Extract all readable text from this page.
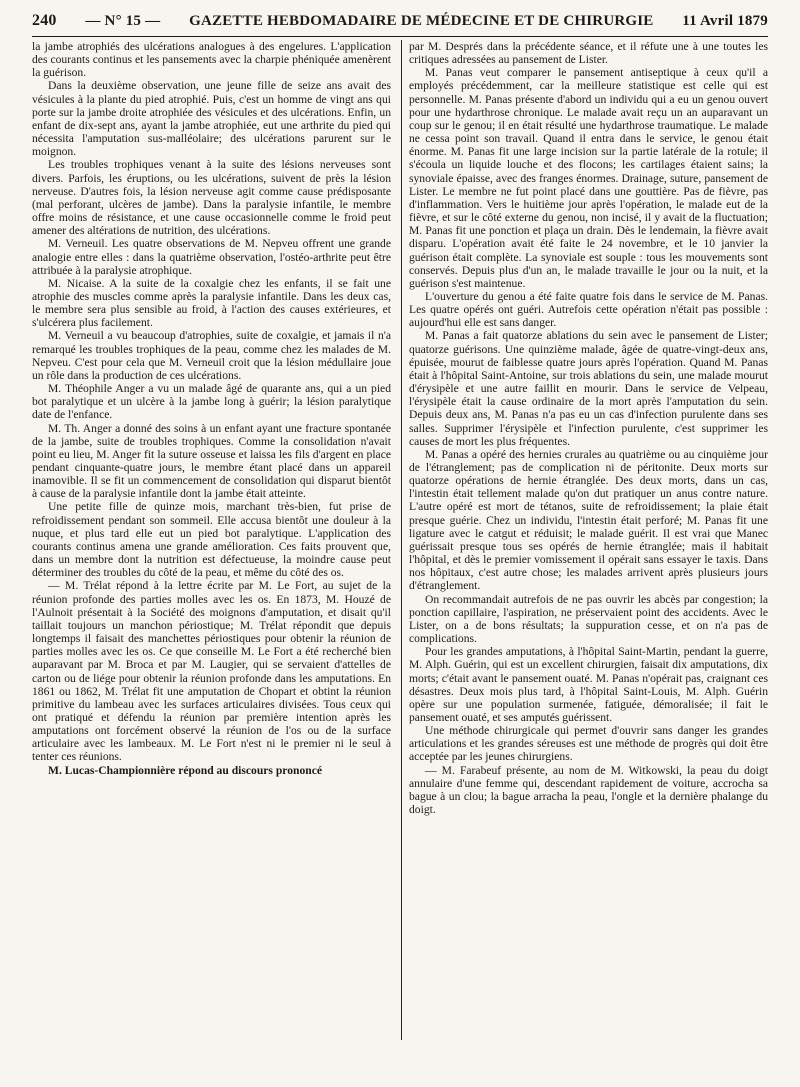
240 — N° 15 — GAZETTE HEBDOMADAIRE DE MÉDECINE ET DE CHIRURGIE 11 Avril 1879

la jambe atrophiés des ulcérations analogues à des engelures. L'application des courants continus et les pansements avec la charpie phéniquée amenèrent la guérison.

Dans la deuxième observation, une jeune fille de seize ans avait des vésicules à la plante du pied atrophié. Puis, c'est un homme de vingt ans qui porte sur la jambe droite atrophiée des vésicules et des ulcérations. Enfin, un enfant de dix-sept ans, ayant la jambe atrophiée, eut une arthrite du pied qui nécessita l'amputation sus-malléolaire; des ulcérations parurent sur le moignon.

Les troubles trophiques venant à la suite des lésions nerveuses sont divers. Parfois, les éruptions, ou les ulcérations, suivent de près la lésion nerveuse. D'autres fois, la lésion nerveuse agit comme cause prédisposante (mal perforant, ulcères de jambe). Dans la paralysie infantile, le membre offre moins de résistance, et une cause occasionnelle comme le froid peut amener des altérations de nutrition, des ulcérations.

M. Verneuil. Les quatre observations de M. Nepveu offrent une grande analogie entre elles : dans la quatrième observation, l'ostéo-arthrite peut être attribuée à la paralysie atrophique.

M. Nicaise. A la suite de la coxalgie chez les enfants, il se fait une atrophie des muscles comme après la paralysie infantile. Dans les deux cas, le membre sera plus sensible au froid, à l'action des causes extérieures, et s'ulcérera plus facilement.

M. Verneuil a vu beaucoup d'atrophies, suite de coxalgie, et jamais il n'a remarqué les troubles trophiques de la peau, comme chez les malades de M. Nepveu. C'est pour cela que M. Verneuil croit que la lésion médullaire joue un rôle dans la production de ces ulcérations.

M. Théophile Anger a vu un malade âgé de quarante ans, qui a un pied bot paralytique et un ulcère à la jambe long à guérir; la lésion paralytique date de l'enfance.

M. Th. Anger a donné des soins à un enfant ayant une fracture spontanée de la jambe, suite de troubles trophiques. Comme la consolidation n'avait point eu lieu, M. Anger fit la suture osseuse et laissa les fils d'argent en place pendant cinquante-quatre jours, le membre étant placé dans un appareil inamovible. Il se fit un commencement de consolidation qui disparut bientôt à cause de la paralysie infantile dont la jambe était atteinte.

Une petite fille de quinze mois, marchant très-bien, fut prise de refroidissement pendant son sommeil. Elle accusa bientôt une douleur à la nuque, et plus tard elle eut un pied bot paralytique. L'application des courants continus amena une grande amélioration. Ces faits prouvent que, dans un membre dont la nutrition est défectueuse, la moindre cause peut déterminer des troubles du côté de la peau, et même du côté des os.

— M. Trélat répond à la lettre écrite par M. Le Fort, au sujet de la réunion profonde des parties molles avec les os. En 1873, M. Houzé de l'Aulnoit présentait à la Société des moignons d'amputation, et disait qu'il taillait toujours un manchon périostique; M. Trélat répondit que depuis longtemps il faisait des manchettes périostiques pour obtenir la réunion de parties molles avec les os. Ce que conseille M. Le Fort a été recherché bien auparavant par M. Broca et par M. Laugier, qui se servaient d'attelles de carton ou de liége pour obtenir la réunion profonde dans les amputations. En 1861 ou 1862, M. Trélat fit une amputation de Chopart et obtint la réunion primitive du lambeau avec les surfaces articulaires divisées. Tous ceux qui ont pratiqué et défendu la réunion par première intention après les amputations ont forcément observé la réunion de l'os ou de la surface articulaire avec les lambeaux. M. Le Fort n'est ni le premier ni le seul à tenter ces réunions.

M. Lucas-Championnière répond au discours prononcé

par M. Després dans la précédente séance, et il réfute une à une toutes les critiques adressées au pansement de Lister.

M. Panas veut comparer le pansement antiseptique à ceux qu'il a employés précédemment, car la meilleure statistique est celle qui est personnelle. M. Panas présente d'abord un individu qui a eu un genou ouvert pour une hydarthrose chronique. Le malade avait reçu un an auparavant un coup sur le genou; il en était résulté une hydarthrose traumatique. Le malade ne cessa point son travail. Quand il entra dans le service, le genou était énorme. M. Panas fit une large incision sur la partie latérale de la rotule; il s'écoula un liquide louche et des flocons; les cartilages étaient sains; la synoviale épaisse, avec des franges énormes. Drainage, suture, pansement de Lister. Le membre ne fut point placé dans une gouttière. Pas de fièvre, pas d'inflammation. Vers le huitième jour après l'opération, le malade eut de la fièvre, et sur le côté externe du genou, non incisé, il y avait de la fluctuation; M. Panas fit une ponction et plaça un drain. Dès le lendemain, la fièvre avait disparu. L'opération avait été faite le 24 novembre, et le 10 janvier la guérison était complète. La synoviale est souple : tous les mouvements sont conservés. Depuis plus d'un an, le malade travaille le jour ou la nuit, et la guérison s'est maintenue.

L'ouverture du genou a été faite quatre fois dans le service de M. Panas. Les quatre opérés ont guéri. Autrefois cette opération n'était pas possible : aujourd'hui elle est sans danger.

M. Panas a fait quatorze ablations du sein avec le pansement de Lister; quatorze guérisons. Une quinzième malade, âgée de quatre-vingt-deux ans, épuisée, mourut de faiblesse quatre jours après l'opération. Quand M. Panas était à l'hôpital Saint-Antoine, sur trois ablations du sein, une malade mourut d'érysipèle et une autre faillit en mourir. Dans le service de Velpeau, l'érysipèle était la cause ordinaire de la mort après l'amputation du sein. Depuis deux ans, M. Panas n'a pas eu un cas d'infection purulente dans ses salles. Supprimer l'érysipèle et l'infection purulente, c'est supprimer les causes de mort les plus fréquentes.

M. Panas a opéré des hernies crurales au quatrième ou au cinquième jour de l'étranglement; pas de complication ni de péritonite. Deux morts sur quatorze opérations de hernie étranglée. Des deux morts, dans un cas, l'intestin était tellement malade qu'on dut pratiquer un anus contre nature. L'autre opéré est mort de tétanos, suite de refroidissement; la plaie était presque guérie. Chez un individu, l'intestin était perforé; M. Panas fit une ligature avec le catgut et réduisit; le malade guérit. Il est vrai que Manec guérissait presque tous ses opérés de hernie étranglée; mais il habitait l'hôpital, et dès le premier vomissement il opérait sans essayer le taxis. Dans nos hôpitaux, c'est autre chose; les malades arrivent après plusieurs jours d'étranglement.

On recommandait autrefois de ne pas ouvrir les abcès par congestion; la ponction capillaire, l'aspiration, ne préservaient point des accidents. Avec le Lister, on a de bons résultats; la suppuration cesse, et on n'a pas de complications.

Pour les grandes amputations, à l'hôpital Saint-Martin, pendant la guerre, M. Alph. Guérin, qui est un excellent chirurgien, faisait dix amputations, dix morts; c'était avant le pansement ouaté. M. Panas n'opérait pas, craignant ces désastres. Deux mois plus tard, à l'hôpital Saint-Louis, M. Alph. Guérin opère sur une population surmenée, fatiguée, démoralisée; il fait le pansement ouaté, et ses amputés guérissent.

Une méthode chirurgicale qui permet d'ouvrir sans danger les grandes articulations et les grandes séreuses est une méthode de progrès qui doit être acceptée par les jeunes chirurgiens.

— M. Farabeuf présente, au nom de M. Witkowski, la peau du doigt annulaire d'une femme qui, descendant rapidement de voiture, accrocha sa bague à un clou; la bague arracha la peau, l'ongle et la dernière phalange du doigt.
